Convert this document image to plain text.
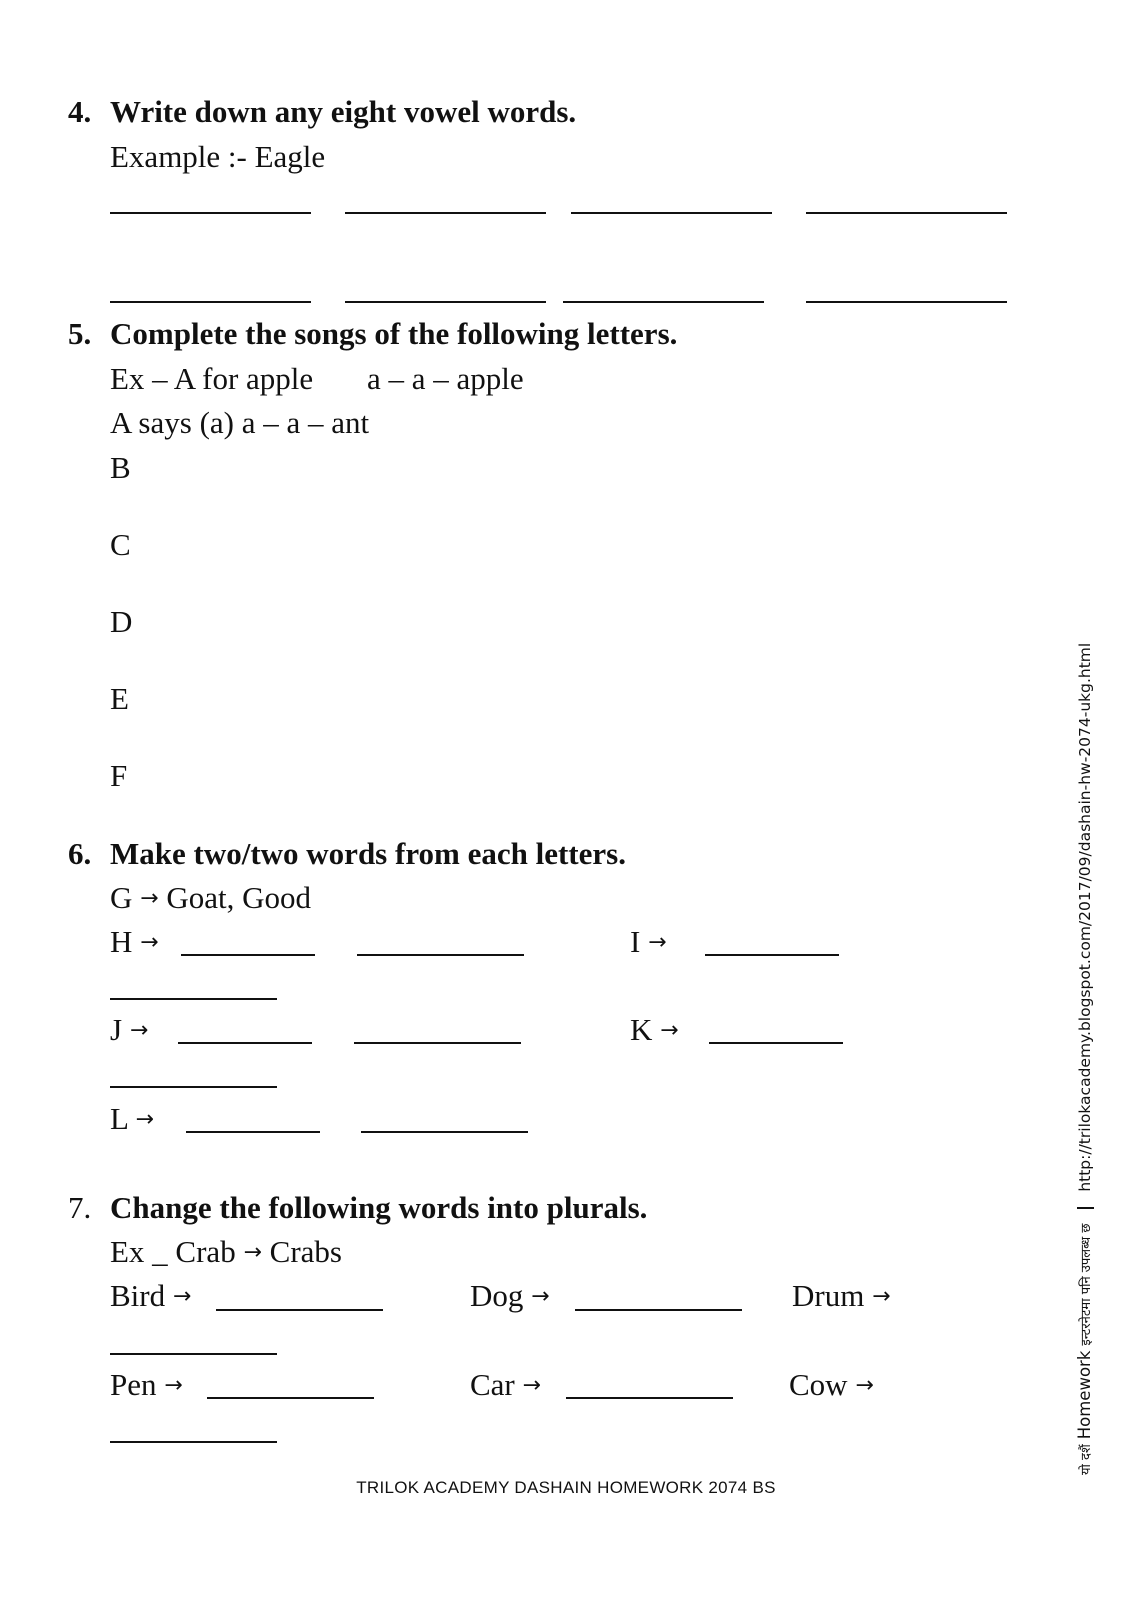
4. Write down any eight vowel words.
Example :- Eagle
5. Complete the songs of the following letters.
Ex – A for apple a – a – apple
A says (a) a – a – ant
B
C
D
E
F
6. Make two/two words from each letters.
G → Goat, Good
H →	I →
J →	K →
L →
7. Change the following words into plurals.
Ex _ Crab → Crabs
Bird →	Dog →	Drum →
Pen →	Car →	Cow →
TRILOK ACADEMY DASHAIN HOMEWORK 2074 BS
यो दशैं Homework इन्टरनेटमा पनि उपलब्ध छ  http://trilokacademy.blogspot.com/2017/09/dashain-hw-2074-ukg.html
